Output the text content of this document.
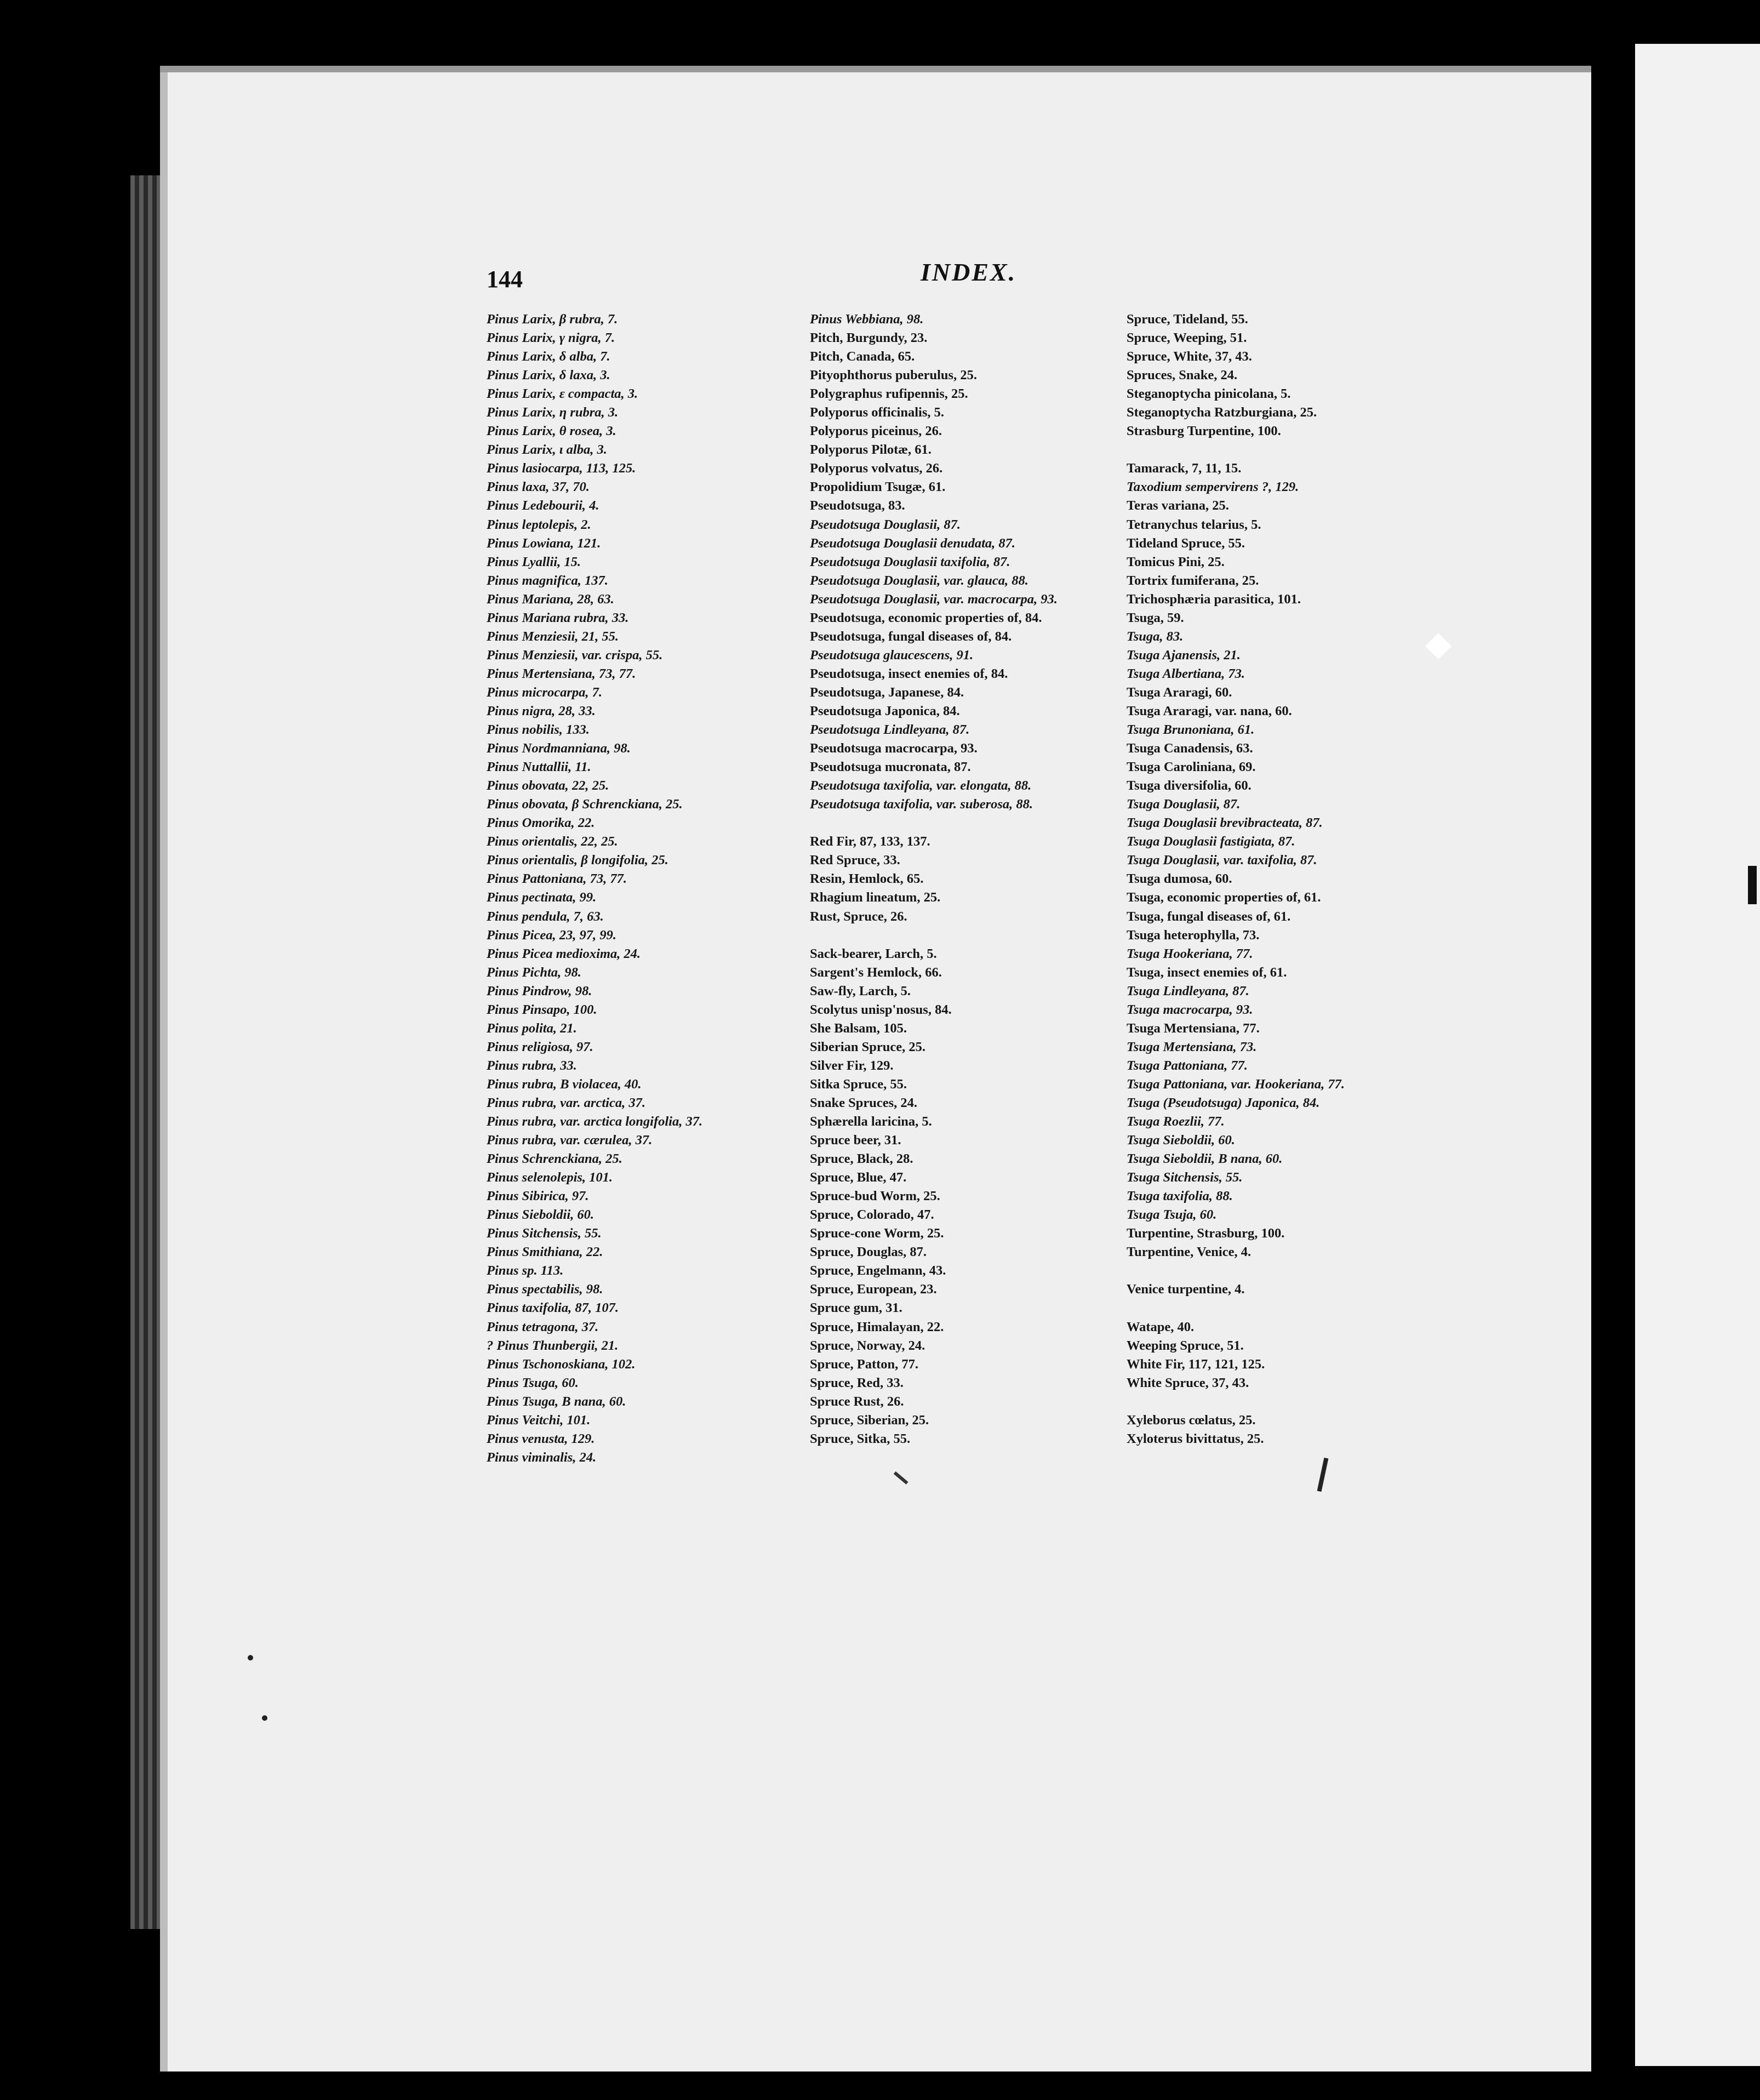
144	INDEX.
Pinus Larix, β rubra, 7.
Pinus Larix, γ nigra, 7.
Pinus Larix, δ alba, 7.
Pinus Larix, δ laxa, 3.
Pinus Larix, ε compacta, 3.
Pinus Larix, η rubra, 3.
Pinus Larix, θ rosea, 3.
Pinus Larix, ι alba, 3.
Pinus lasiocarpa, 113, 125.
Pinus laxa, 37, 70.
Pinus Ledebourii, 4.
Pinus leptolepis, 2.
Pinus Lowiana, 121.
Pinus Lyallii, 15.
Pinus magnifica, 137.
Pinus Mariana, 28, 63.
Pinus Mariana rubra, 33.
Pinus Menziesii, 21, 55.
Pinus Menziesii, var. crispa, 55.
Pinus Mertensiana, 73, 77.
Pinus microcarpa, 7.
Pinus nigra, 28, 33.
Pinus nobilis, 133.
Pinus Nordmanniana, 98.
Pinus Nuttallii, 11.
Pinus obovata, 22, 25.
Pinus obovata, β Schrenckiana, 25.
Pinus Omorika, 22.
Pinus orientalis, 22, 25.
Pinus orientalis, β longifolia, 25.
Pinus Pattoniana, 73, 77.
Pinus pectinata, 99.
Pinus pendula, 7, 63.
Pinus Picea, 23, 97, 99.
Pinus Picea medioxima, 24.
Pinus Pichta, 98.
Pinus Pindrow, 98.
Pinus Pinsapo, 100.
Pinus polita, 21.
Pinus religiosa, 97.
Pinus rubra, 33.
Pinus rubra, B violacea, 40.
Pinus rubra, var. arctica, 37.
Pinus rubra, var. arctica longifolia, 37.
Pinus rubra, var. cærulea, 37.
Pinus Schrenckiana, 25.
Pinus selenolepis, 101.
Pinus Sibirica, 97.
Pinus Sieboldii, 60.
Pinus Sitchensis, 55.
Pinus Smithiana, 22.
Pinus sp. 113.
Pinus spectabilis, 98.
Pinus taxifolia, 87, 107.
Pinus tetragona, 37.
? Pinus Thunbergii, 21.
Pinus Tschonoskiana, 102.
Pinus Tsuga, 60.
Pinus Tsuga, B nana, 60.
Pinus Veitchi, 101.
Pinus venusta, 129.
Pinus viminalis, 24.
Pinus Webbiana, 98.
Pitch, Burgundy, 23.
Pitch, Canada, 65.
Pityophthorus puberulus, 25.
Polygraphus rufipennis, 25.
Polyporus officinalis, 5.
Polyporus piceinus, 26.
Polyporus Pilotæ, 61.
Polyporus volvatus, 26.
Propolidium Tsugæ, 61.
Pseudotsuga, 83.
Pseudotsuga Douglasii, 87.
Pseudotsuga Douglasii denudata, 87.
Pseudotsuga Douglasii taxifolia, 87.
Pseudotsuga Douglasii, var. glauca, 88.
Pseudotsuga Douglasii, var. macrocarpa, 93.
Pseudotsuga, economic properties of, 84.
Pseudotsuga, fungal diseases of, 84.
Pseudotsuga glaucescens, 91.
Pseudotsuga, insect enemies of, 84.
Pseudotsuga, Japanese, 84.
Pseudotsuga Japonica, 84.
Pseudotsuga Lindleyana, 87.
Pseudotsuga macrocarpa, 93.
Pseudotsuga mucronata, 87.
Pseudotsuga taxifolia, var. elongata, 88.
Pseudotsuga taxifolia, var. suberosa, 88.
Red Fir, 87, 133, 137.
Red Spruce, 33.
Resin, Hemlock, 65.
Rhagium lineatum, 25.
Rust, Spruce, 26.
Sack-bearer, Larch, 5.
Sargent's Hemlock, 66.
Saw-fly, Larch, 5.
Scolytus unisp'nosus, 84.
She Balsam, 105.
Siberian Spruce, 25.
Silver Fir, 129.
Sitka Spruce, 55.
Snake Spruces, 24.
Sphærella laricina, 5.
Spruce beer, 31.
Spruce, Black, 28.
Spruce, Blue, 47.
Spruce-bud Worm, 25.
Spruce, Colorado, 47.
Spruce-cone Worm, 25.
Spruce, Douglas, 87.
Spruce, Engelmann, 43.
Spruce, European, 23.
Spruce gum, 31.
Spruce, Himalayan, 22.
Spruce, Norway, 24.
Spruce, Patton, 77.
Spruce, Red, 33.
Spruce Rust, 26.
Spruce, Siberian, 25.
Spruce, Sitka, 55.
Spruce, Tideland, 55.
Spruce, Weeping, 51.
Spruce, White, 37, 43.
Spruces, Snake, 24.
Steganoptycha pinicolana, 5.
Steganoptycha Ratzburgiana, 25.
Strasburg Turpentine, 100.
Tamarack, 7, 11, 15.
Taxodium sempervirens ?, 129.
Teras variana, 25.
Tetranychus telarius, 5.
Tideland Spruce, 55.
Tomicus Pini, 25.
Tortrix fumiferana, 25.
Trichosphæria parasitica, 101.
Tsuga, 59.
Tsuga, 83.
Tsuga Ajanensis, 21.
Tsuga Albertiana, 73.
Tsuga Araragi, 60.
Tsuga Araragi, var. nana, 60.
Tsuga Brunoniana, 61.
Tsuga Canadensis, 63.
Tsuga Caroliniana, 69.
Tsuga diversifolia, 60.
Tsuga Douglasii, 87.
Tsuga Douglasii brevibracteata, 87.
Tsuga Douglasii fastigiata, 87.
Tsuga Douglasii, var. taxifolia, 87.
Tsuga dumosa, 60.
Tsuga, economic properties of, 61.
Tsuga, fungal diseases of, 61.
Tsuga heterophylla, 73.
Tsuga Hookeriana, 77.
Tsuga, insect enemies of, 61.
Tsuga Lindleyana, 87.
Tsuga macrocarpa, 93.
Tsuga Mertensiana, 77.
Tsuga Mertensiana, 73.
Tsuga Pattoniana, 77.
Tsuga Pattoniana, var. Hookeriana, 77.
Tsuga (Pseudotsuga) Japonica, 84.
Tsuga Roezlii, 77.
Tsuga Sieboldii, 60.
Tsuga Sieboldii, B nana, 60.
Tsuga Sitchensis, 55.
Tsuga taxifolia, 88.
Tsuga Tsuja, 60.
Turpentine, Strasburg, 100.
Turpentine, Venice, 4.
Venice turpentine, 4.
Watape, 40.
Weeping Spruce, 51.
White Fir, 117, 121, 125.
White Spruce, 37, 43.
Xyleborus cœlatus, 25.
Xyloterus bivittatus, 25.
